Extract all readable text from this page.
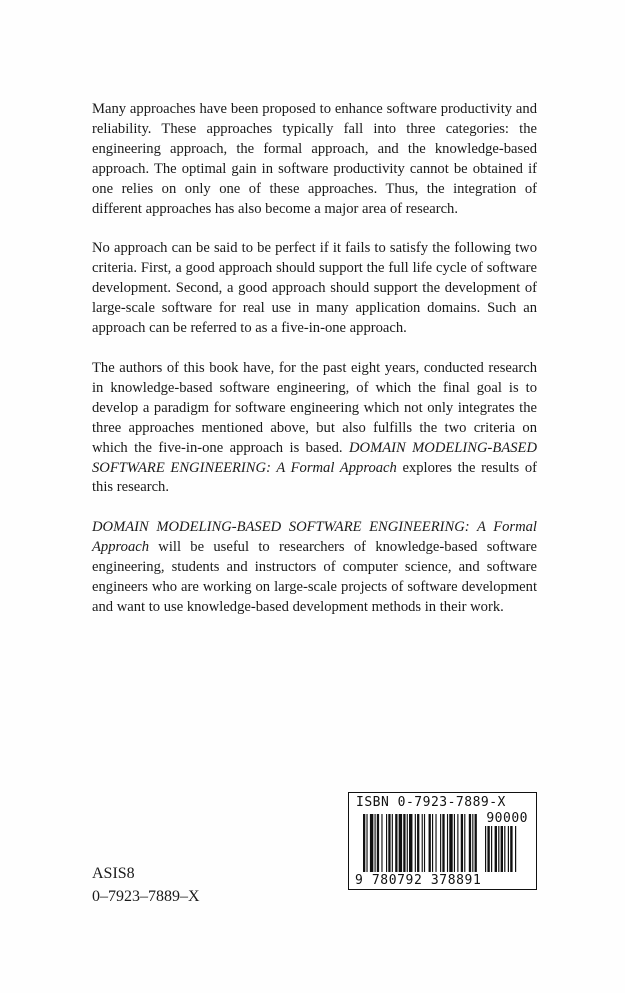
Many approaches have been proposed to enhance software productivity and reliability. These approaches typically fall into three categories: the engineering approach, the formal approach, and the knowledge-based approach. The optimal gain in software productivity cannot be obtained if one relies on only one of these approaches. Thus, the integration of different approaches has also become a major area of research.

No approach can be said to be perfect if it fails to satisfy the following two criteria. First, a good approach should support the full life cycle of software development. Second, a good approach should support the development of large-scale software for real use in many application domains. Such an approach can be referred to as a five-in-one approach.

The authors of this book have, for the past eight years, conducted research in knowledge-based software engineering, of which the final goal is to develop a paradigm for software engineering which not only integrates the three approaches mentioned above, but also fulfills the two criteria on which the five-in-one approach is based. DOMAIN MODELING-BASED SOFTWARE ENGINEERING: A Formal Approach explores the results of this research.

DOMAIN MODELING-BASED SOFTWARE ENGINEERING: A Formal Approach will be useful to researchers of knowledge-based software engineering, students and instructors of computer science, and software engineers who are working on large-scale projects of software development and want to use knowledge-based development methods in their work.

ASIS8
0–7923–7889–X
ISBN 0-7923-7889-X
90000
9 780792 378891
